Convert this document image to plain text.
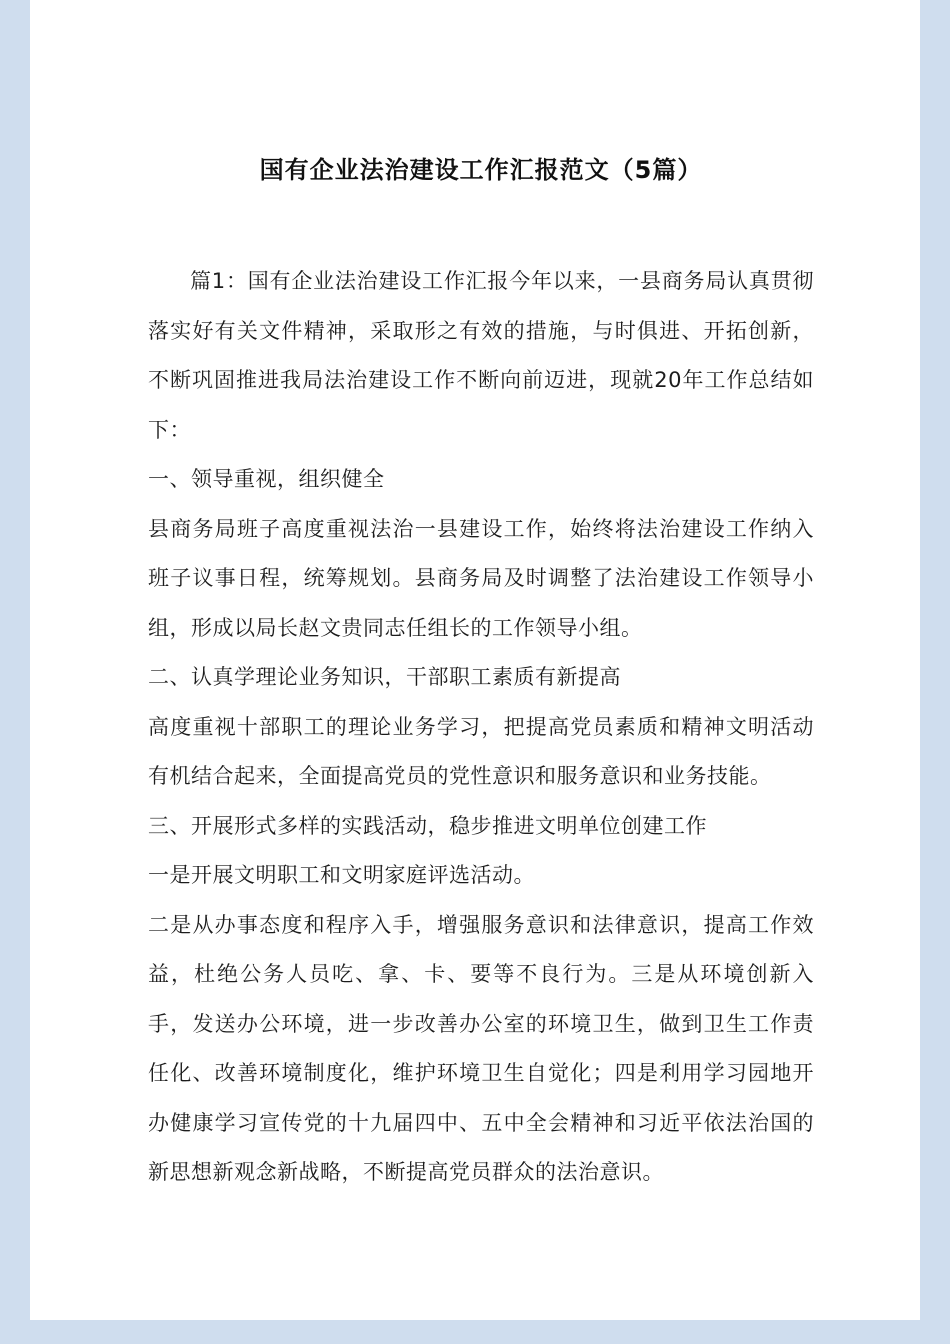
国有企业法治建设工作汇报范文（5篇）

篇1：国有企业法治建设工作汇报今年以来，一县商务局认真贯彻落实好有关文件精神，采取形之有效的措施，与时俱进、开拓创新，不断巩固推进我局法治建设工作不断向前迈进，现就20年工作总结如下：

一、领导重视，组织健全

县商务局班子高度重视法治一县建设工作，始终将法治建设工作纳入班子议事日程，统筹规划。县商务局及时调整了法治建设工作领导小组，形成以局长赵文贵同志任组长的工作领导小组。

二、认真学理论业务知识，干部职工素质有新提高

高度重视十部职工的理论业务学习，把提高党员素质和精神文明活动有机结合起来，全面提高党员的党性意识和服务意识和业务技能。

三、开展形式多样的实践活动，稳步推进文明单位创建工作

一是开展文明职工和文明家庭评选活动。

二是从办事态度和程序入手，增强服务意识和法律意识，提高工作效益，杜绝公务人员吃、拿、卡、要等不良行为。三是从环境创新入手，发送办公环境，进一步改善办公室的环境卫生，做到卫生工作责任化、改善环境制度化，维护环境卫生自觉化；四是利用学习园地开办健康学习宣传党的十九届四中、五中全会精神和习近平依法治国的新思想新观念新战略，不断提高党员群众的法治意识。
